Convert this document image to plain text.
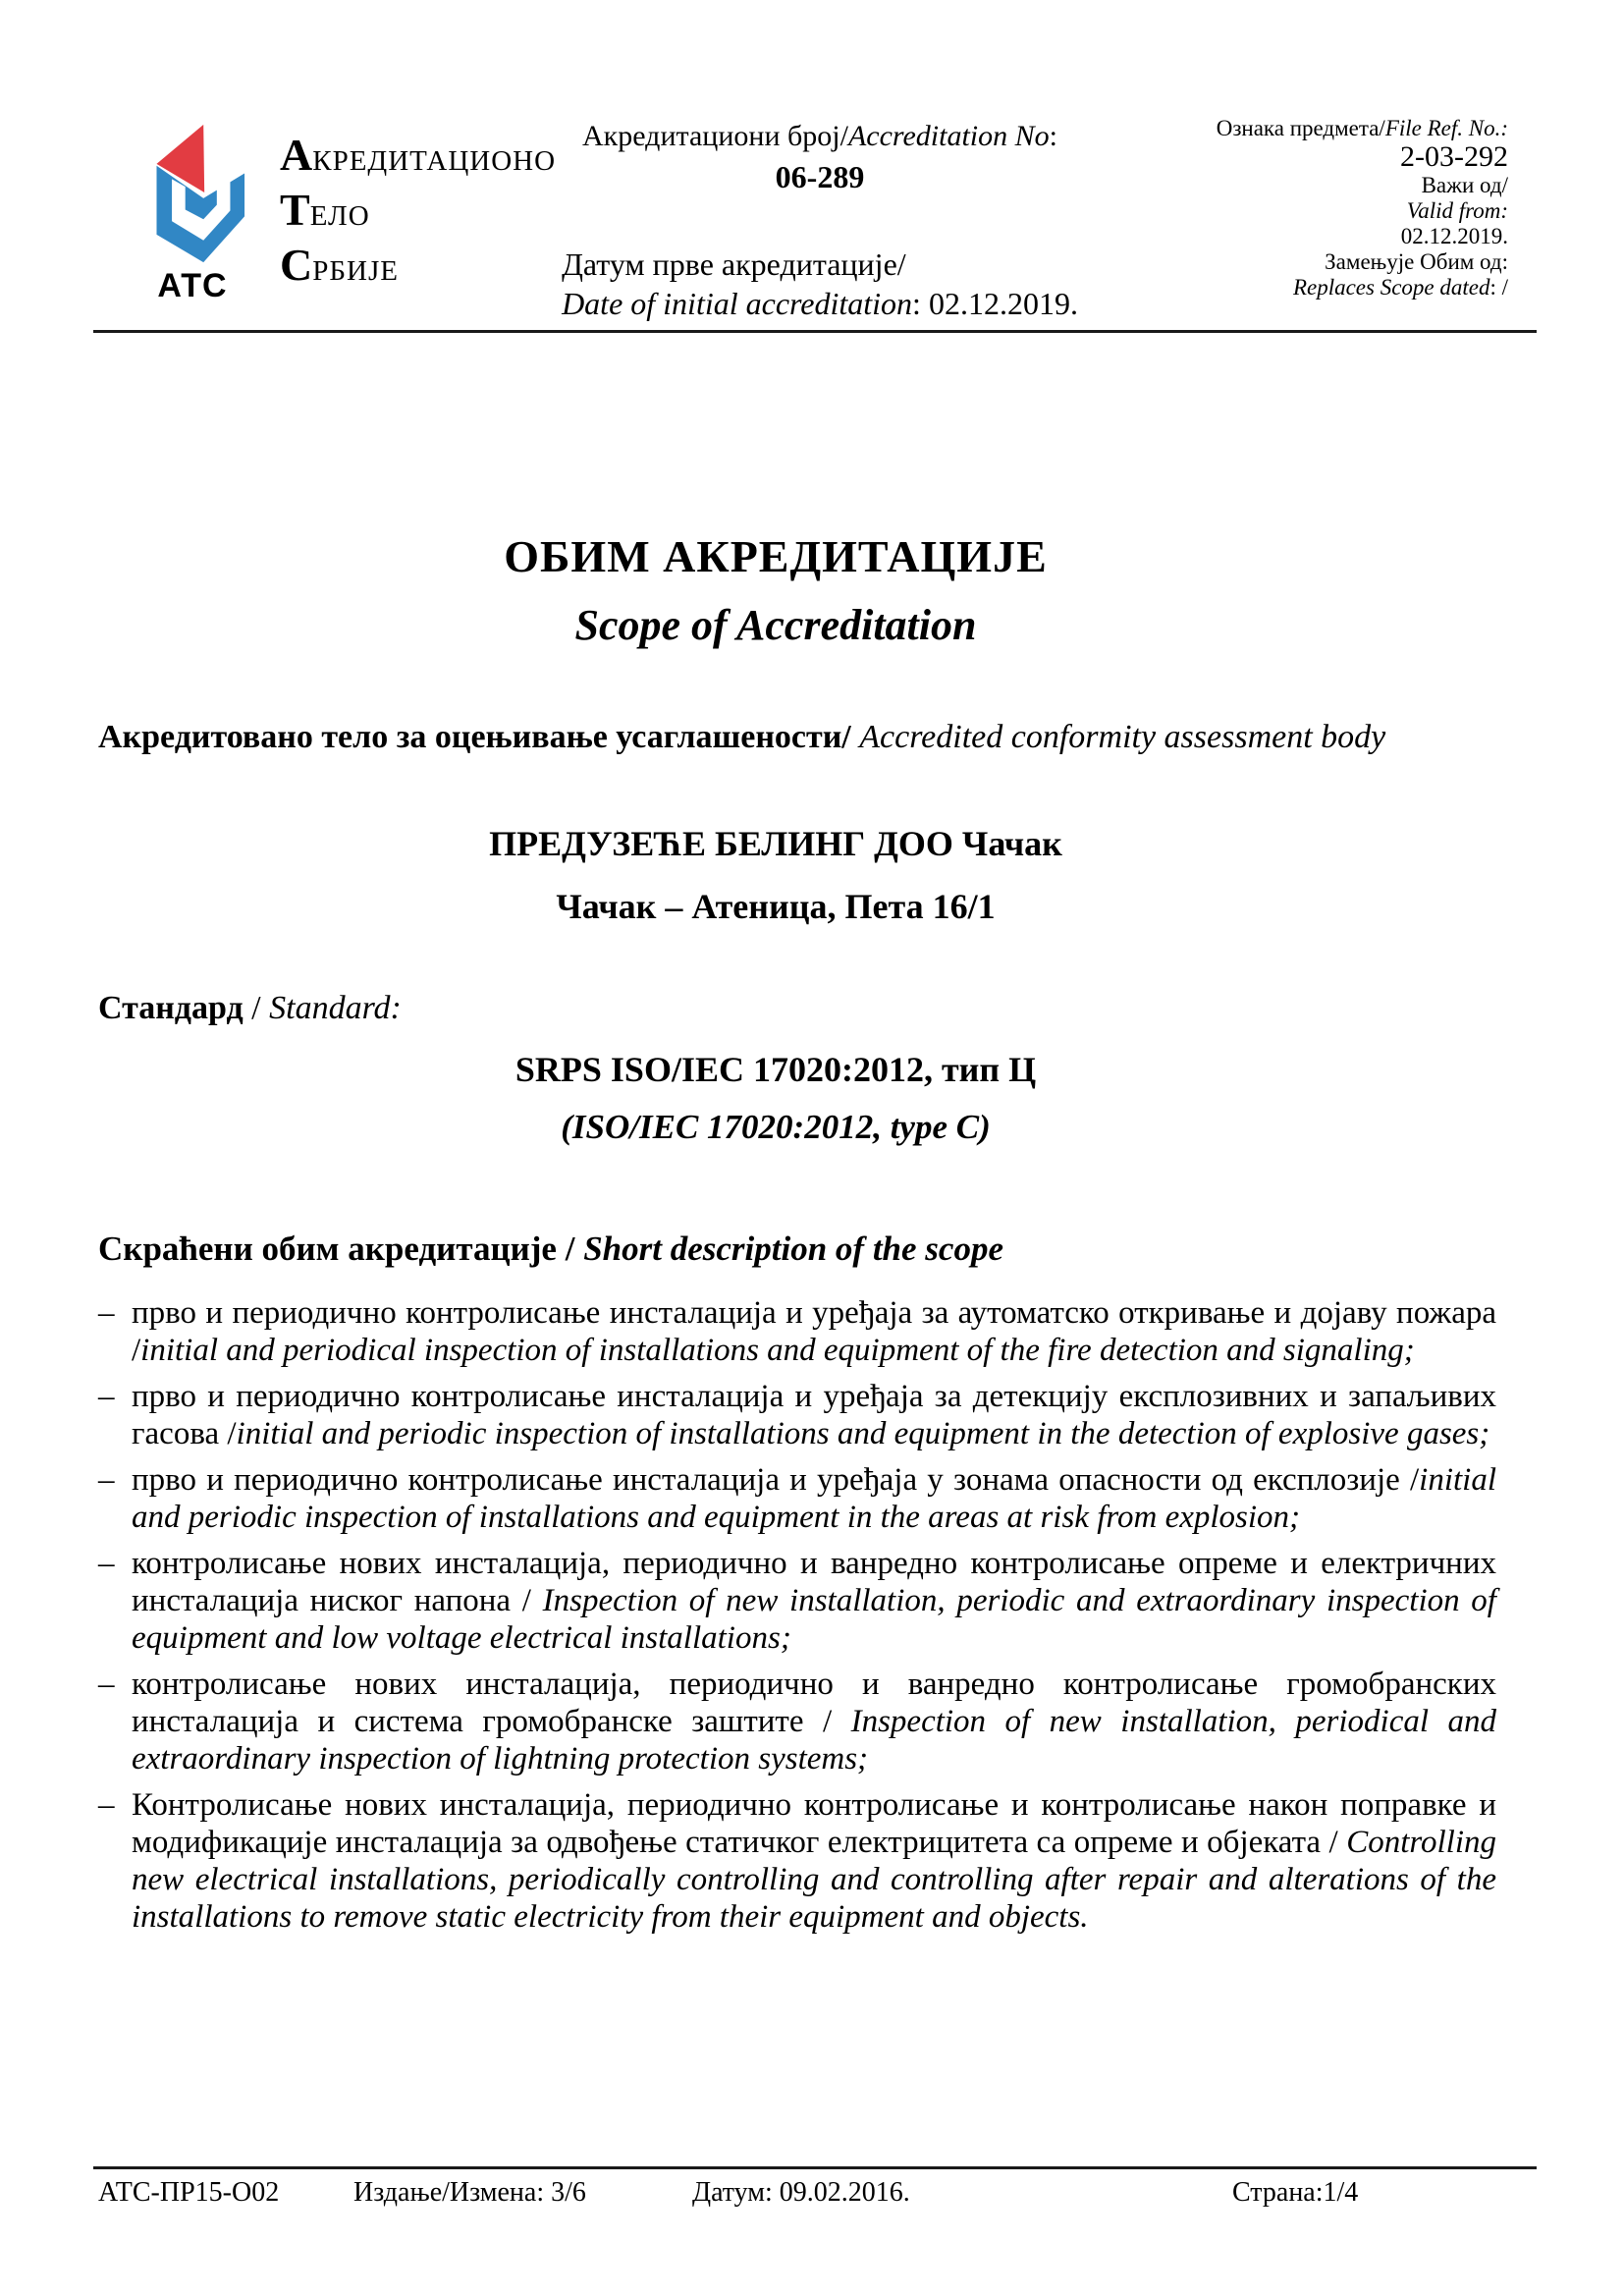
АТС
АКРЕДИТАЦИОНО
ТЕЛО
СРБИЈЕ
Акредитациони број/Accreditation No:
06-289
Датум прве акредитације/
Date of initial accreditation: 02.12.2019.
Ознака предмета/File Ref. No.:
2-03-292
Важи од/
Valid from:
02.12.2019.
Замењује Обим од:
Replaces Scope dated: /
ОБИМ АКРЕДИТАЦИЈЕ
Scope of Accreditation
Акредитовано тело за оцењивање усаглашености/ Accredited conformity assessment body
ПРЕДУЗЕЋЕ БЕЛИНГ ДОО Чачак
Чачак – Атеница, Пета 16/1
Стандард / Standard:
SRPS ISO/IEC 17020:2012, тип Ц
(ISO/IEC 17020:2012, type C)
Скраћени обим акредитације / Short description of the scope
– прво и периодично контролисање инсталација и уређаја за аутоматско откривање и дојаву пожара /initial and periodical inspection of installations and equipment of the fire detection and signaling;
– прво и периодично контролисање инсталација и уређаја за детекцију експлозивних и запаљивих гасова /initial and periodic inspection of installations and equipment in the detection of explosive gases;
– прво и периодично контролисање инсталација и уређаја у зонама опасности од експлозије /initial and periodic inspection of installations and equipment in the areas at risk from explosion;
– контролисање нових инсталација, периодично и ванредно контролисање опреме и електричних инсталација ниског напона / Inspection of new installation, periodic and extraordinary inspection of equipment and low voltage electrical installations;
– контролисање нових инсталација, периодично и ванредно контролисање громобранских инсталација и система громобранске заштите / Inspection of new installation, periodical and extraordinary inspection of lightning protection systems;
– Контролисање нових инсталација, периодично контролисање и контролисање након поправке и модификације инсталација за одвођење статичког електрицитета са опреме и објеката / Controlling new electrical installations, periodically controlling and controlling after repair and alterations of the installations to remove static electricity from their equipment and objects.
АТС-ПР15-О02	Издање/Измена: 3/6	Датум: 09.02.2016.	Страна:1/4
